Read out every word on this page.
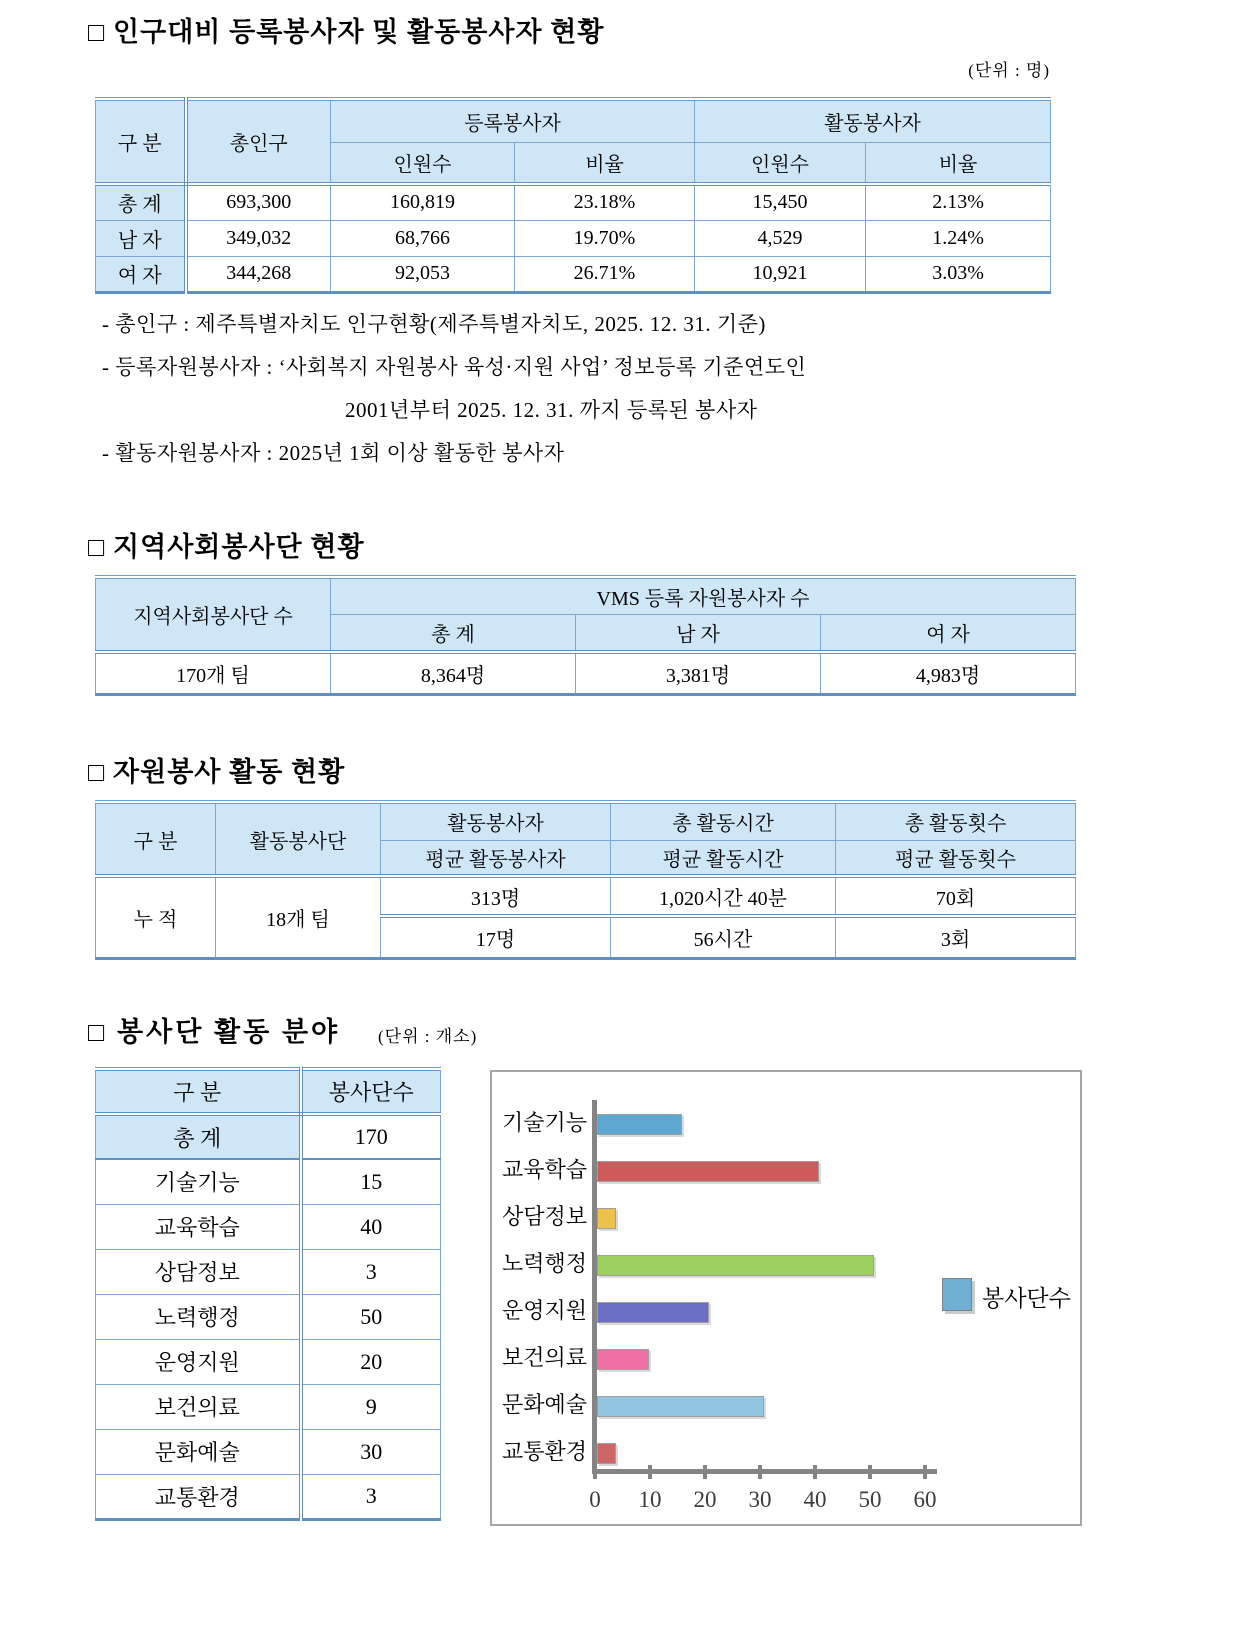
□ 인구대비 등록봉사자 및 활동봉사자 현황
(단위 : 명)
구 분	총인구	등록봉사자		활동봉사자	
		인원수	비율	인원수	비율
총 계	693,300	160,819	23.18%	15,450	2.13%
남 자	349,032	68,766	19.70%	4,529	1.24%
여 자	344,268	92,053	26.71%	10,921	3.03%
- 총인구 : 제주특별자치도 인구현황(제주특별자치도, 2025. 12. 31. 기준)
- 등록자원봉사자 : ‘사회복지 자원봉사 육성·지원 사업’ 정보등록 기준연도인
2001년부터 2025. 12. 31. 까지 등록된 봉사자
- 활동자원봉사자 : 2025년 1회 이상 활동한 봉사자
□ 지역사회봉사단 현황
지역사회봉사단 수	VMS 등록 자원봉사자 수		
	총 계	남 자	여 자
170개 팀	8,364명	3,381명	4,983명
□ 자원봉사 활동 현황
구 분	활동봉사단	활동봉사자	총 활동시간	총 활동횟수
		평균 활동봉사자	평균 활동시간	평균 활동횟수
누 적	18개 팀	313명	1,020시간 40분	70회
		17명	56시간	3회
□ 봉사단 활동 분야 (단위 : 개소)
구 분	봉사단수
총 계	170
기술기능	15
교육학습	40
상담정보	3
노력행정	50
운영지원	20
보건의료	9
문화예술	30
교통환경	3
봉사단수
기술기능
교육학습
상담정보
노력행정
운영지원
보건의료
문화예술
교통환경
0	10	20	30	40	50	60
